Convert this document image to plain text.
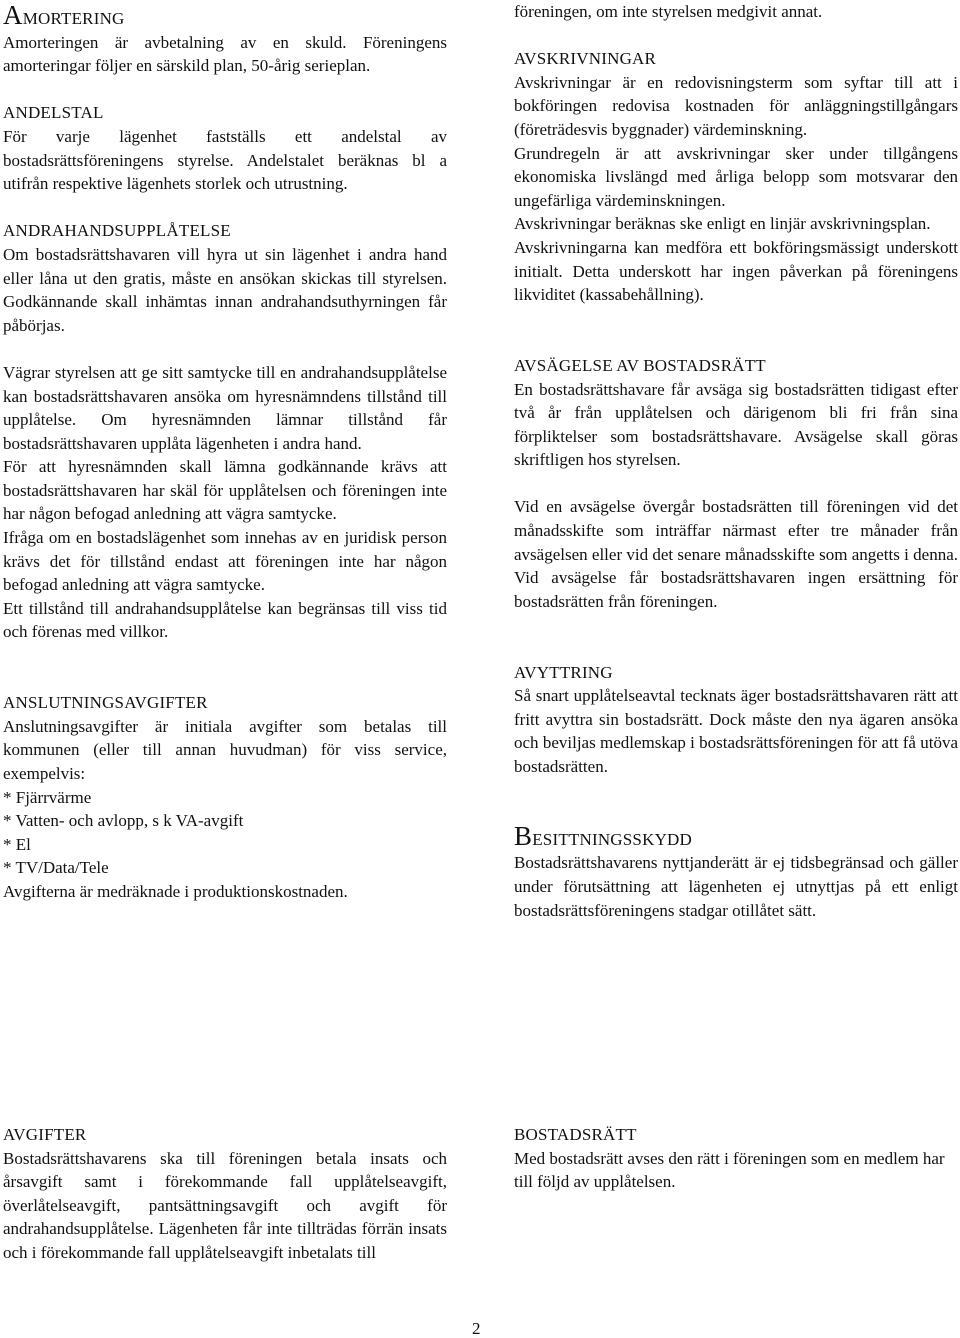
AMORTERING

Amorteringen är avbetalning av en skuld. Föreningens amorteringar följer en särskild plan, 50-årig serieplan.

ANDELSTAL

För varje lägenhet fastställs ett andelstal av bostadsrättsföreningens styrelse. Andelstalet beräknas bl a utifrån respektive lägenhets storlek och utrustning.

ANDRAHANDSUPPLÅTELSE

Om bostadsrättshavaren vill hyra ut sin lägenhet i andra hand eller låna ut den gratis, måste en ansökan skickas till styrelsen. Godkännande skall inhämtas innan andrahandsuthyrningen får påbörjas.

Vägrar styrelsen att ge sitt samtycke till en andrahandsupplåtelse kan bostadsrättshavaren ansöka om hyresnämndens tillstånd till upplåtelse. Om hyresnämnden lämnar tillstånd får bostadsrättshavaren upplåta lägenheten i andra hand.

För att hyresnämnden skall lämna godkännande krävs att bostadsrättshavaren har skäl för upplåtelsen och föreningen inte har någon befogad anledning att vägra samtycke.

Ifråga om en bostadslägenhet som innehas av en juridisk person krävs det för tillstånd endast att föreningen inte har någon befogad anledning att vägra samtycke.

Ett tillstånd till andrahandsupplåtelse kan begränsas till viss tid och förenas med villkor.

ANSLUTNINGSAVGIFTER

Anslutningsavgifter är initiala avgifter som betalas till kommunen (eller till annan huvudman) för viss service, exempelvis:

* Fjärrvärme

* Vatten- och avlopp, s k VA-avgift

* El

* TV/Data/Tele

Avgifterna är medräknade i produktionskostnaden.

föreningen, om inte styrelsen medgivit annat.

AVSKRIVNINGAR

Avskrivningar är en redovisningsterm som syftar till att i bokföringen redovisa kostnaden för anläggningstillgångars (företrädesvis byggnader) värdeminskning.

Grundregeln är att avskrivningar sker under tillgångens ekonomiska livslängd med årliga belopp som motsvarar den ungefärliga värdeminskningen.

Avskrivningar beräknas ske enligt en linjär avskrivningsplan.

Avskrivningarna kan medföra ett bokföringsmässigt underskott initialt. Detta underskott har ingen påverkan på föreningens likviditet (kassabehållning).

AVSÄGELSE AV BOSTADSRÄTT

En bostadsrättshavare får avsäga sig bostadsrätten tidigast efter två år från upplåtelsen och därigenom bli fri från sina förpliktelser som bostadsrättshavare. Avsägelse skall göras skriftligen hos styrelsen.

Vid en avsägelse övergår bostadsrätten till föreningen vid det månadsskifte som inträffar närmast efter tre månader från avsägelsen eller vid det senare månadsskifte som angetts i denna. Vid avsägelse får bostadsrättshavaren ingen ersättning för bostadsrätten från föreningen.

AVYTTRING

Så snart upplåtelseavtal tecknats äger bostadsrättshavaren rätt att fritt avyttra sin bostadsrätt. Dock måste den nya ägaren ansöka och beviljas medlemskap i bostadsrättsföreningen för att få utöva bostadsrätten.

BESITTNINGSSKYDD

Bostadsrättshavarens nyttjanderätt är ej tidsbegränsad och gäller under förutsättning att lägenheten ej utnyttjas på ett enligt bostadsrättsföreningens stadgar otillåtet sätt.

AVGIFTER

Bostadsrättshavarens ska till föreningen betala insats och årsavgift samt i förekommande fall upplåtelseavgift, överlåtelseavgift, pantsättningsavgift och avgift för andrahandsupplåtelse. Lägenheten får inte tillträdas förrän insats och i förekommande fall upplåtelseavgift inbetalats till

BOSTADSRÄTT

Med bostadsrätt avses den rätt i föreningen som en medlem har till följd av upplåtelsen.

2
